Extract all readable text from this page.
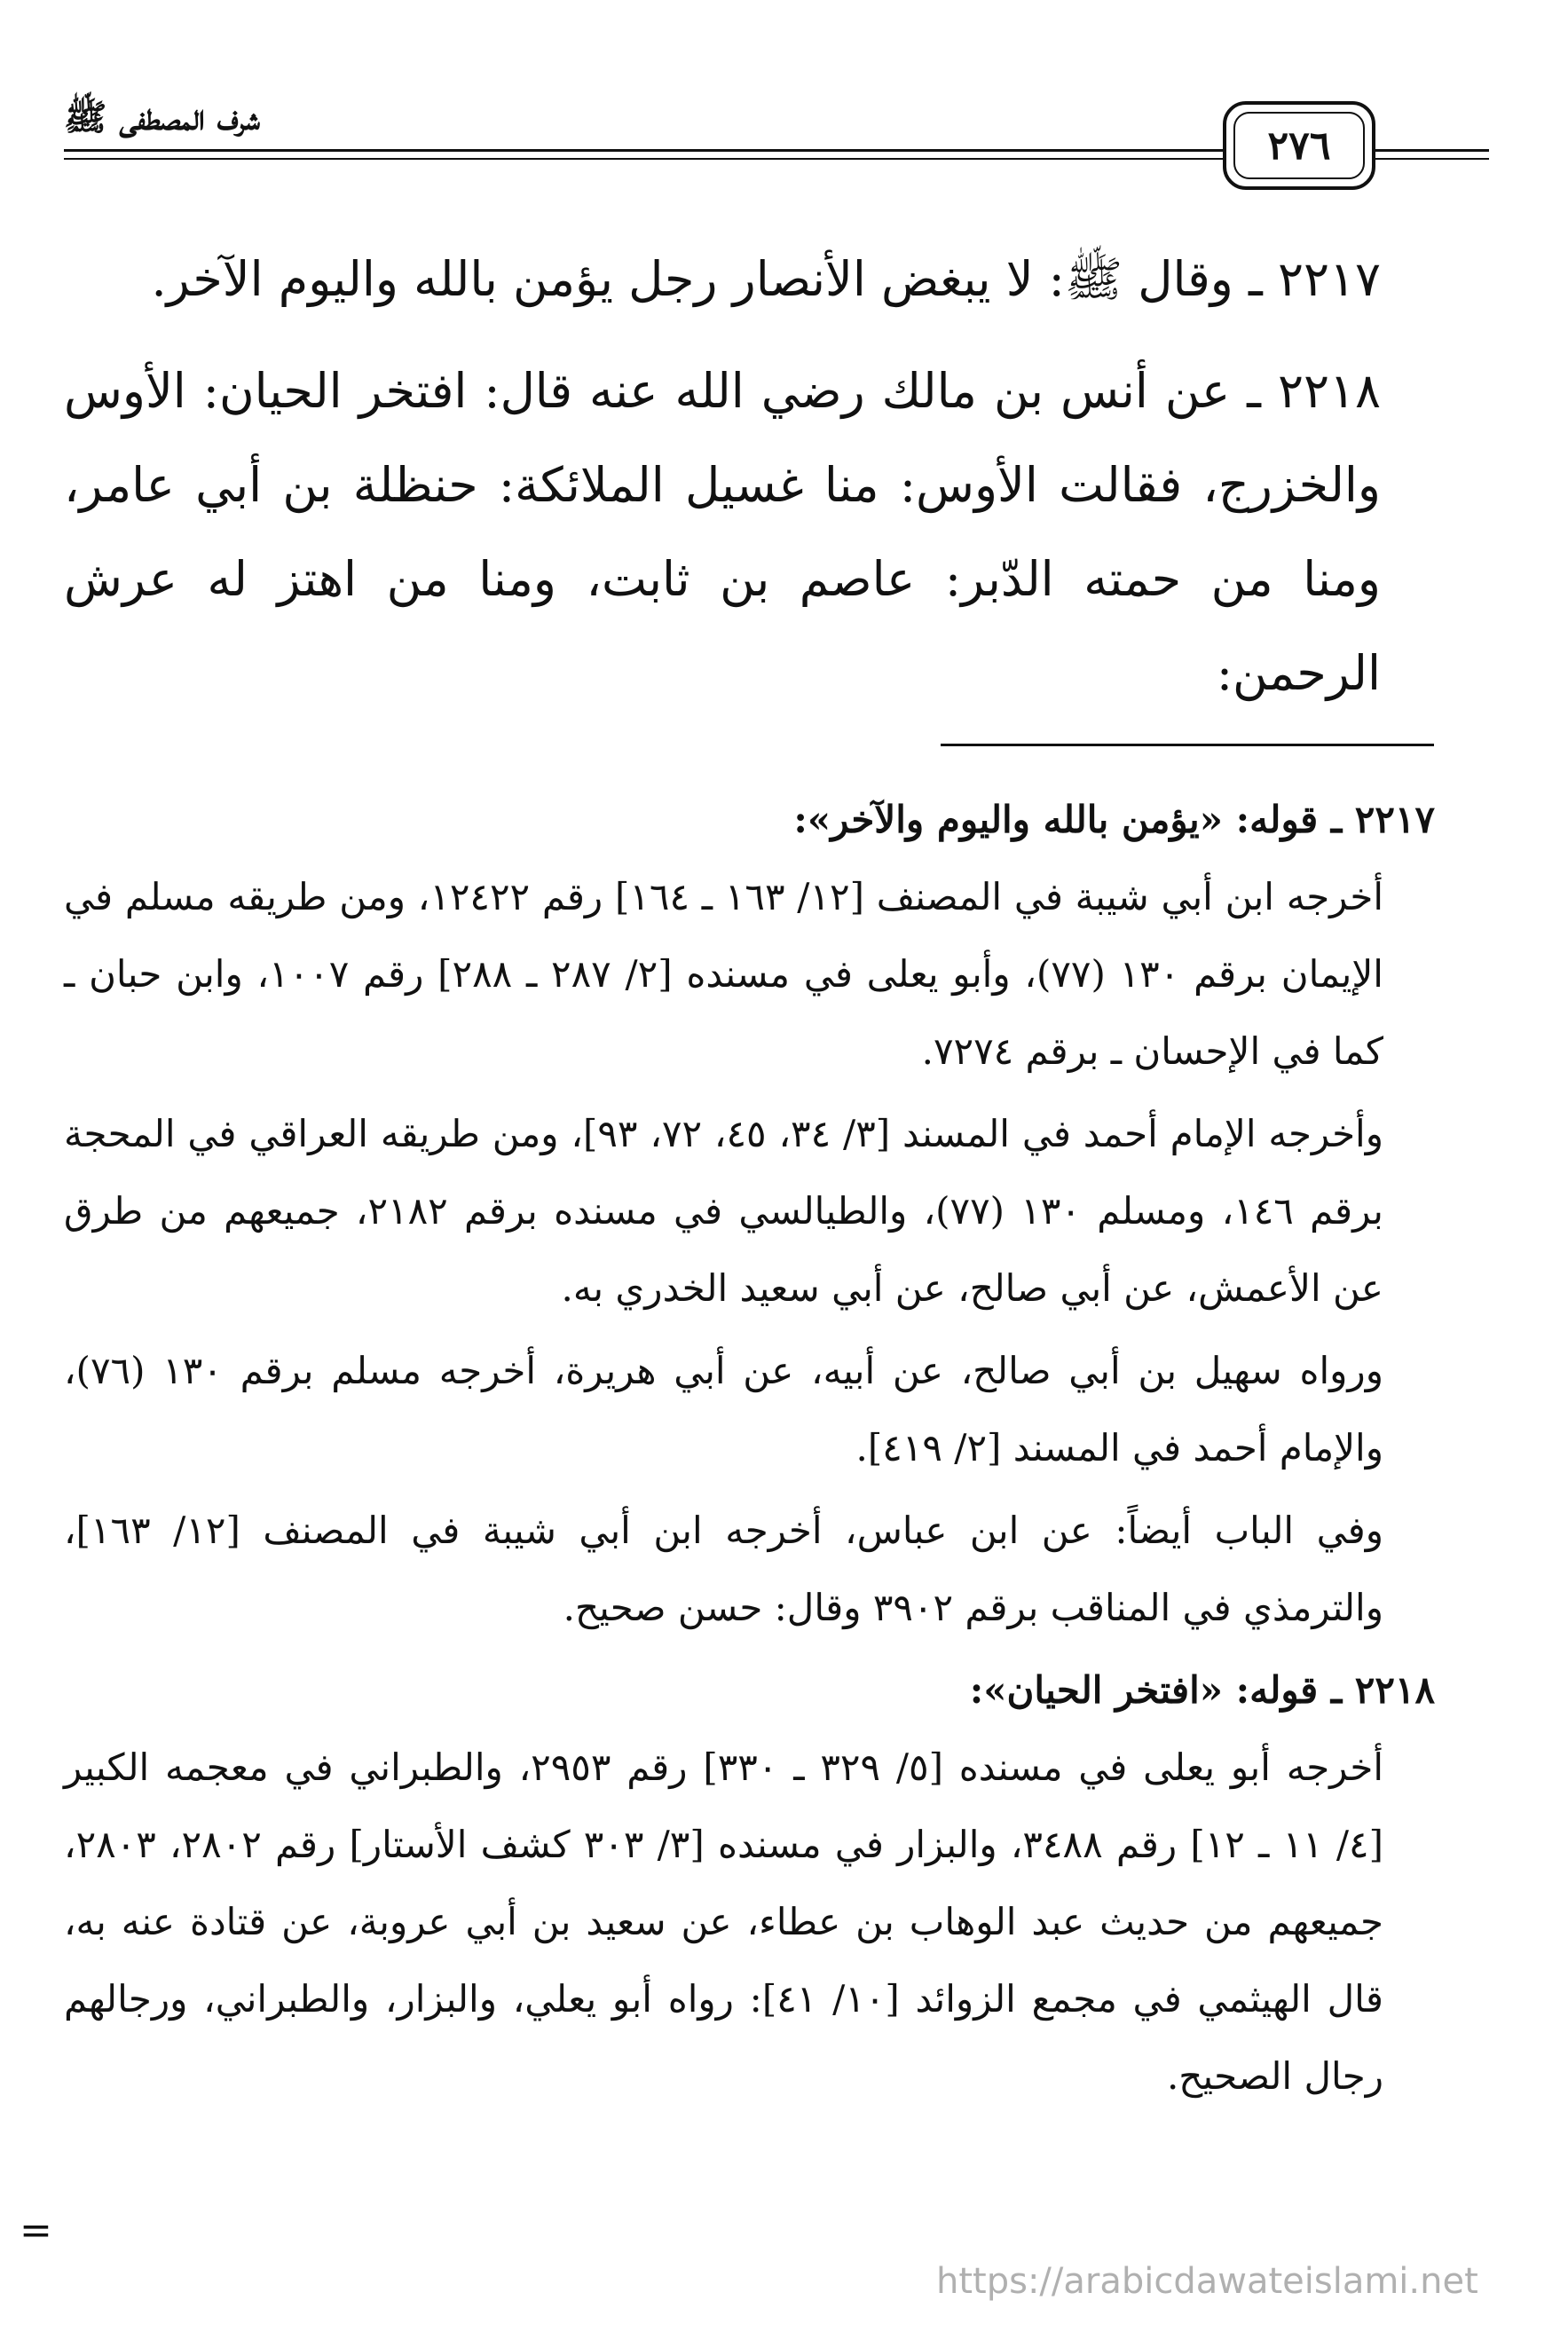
شرف المصطفى ﷺ
٢٧٦

٢٢١٧ ـ وقال ﷺ: لا يبغض الأنصار رجل يؤمن بالله واليوم الآخر.

٢٢١٨ ـ عن أنس بن مالك رضي الله عنه قال: افتخر الحيان: الأوس والخزرج، فقالت الأوس: منا غسيل الملائكة: حنظلة بن أبي عامر، ومنا من حمته الدّبر: عاصم بن ثابت، ومنا من اهتز له عرش الرحمن:

٢٢١٧ ـ قوله: «يؤمن بالله واليوم والآخر»:

أخرجه ابن أبي شيبة في المصنف [١٢/ ١٦٣ ـ ١٦٤] رقم ١٢٤٢٢، ومن طريقه مسلم في الإيمان برقم ١٣٠ (٧٧)، وأبو يعلى في مسنده [٢/ ٢٨٧ ـ ٢٨٨] رقم ١٠٠٧، وابن حبان ـ كما في الإحسان ـ برقم ٧٢٧٤.

وأخرجه الإمام أحمد في المسند [٣/ ٣٤، ٤٥، ٧٢، ٩٣]، ومن طريقه العراقي في المحجة برقم ١٤٦، ومسلم ١٣٠ (٧٧)، والطيالسي في مسنده برقم ٢١٨٢، جميعهم من طرق عن الأعمش، عن أبي صالح، عن أبي سعيد الخدري به.

ورواه سهيل بن أبي صالح، عن أبيه، عن أبي هريرة، أخرجه مسلم برقم ١٣٠ (٧٦)، والإمام أحمد في المسند [٢/ ٤١٩].

وفي الباب أيضاً: عن ابن عباس، أخرجه ابن أبي شيبة في المصنف [١٢/ ١٦٣]، والترمذي في المناقب برقم ٣٩٠٢ وقال: حسن صحيح.

٢٢١٨ ـ قوله: «افتخر الحيان»:

أخرجه أبو يعلى في مسنده [٥/ ٣٢٩ ـ ٣٣٠] رقم ٢٩٥٣، والطبراني في معجمه الكبير [٤/ ١١ ـ ١٢] رقم ٣٤٨٨، والبزار في مسنده [٣/ ٣٠٣ كشف الأستار] رقم ٢٨٠٢، ٢٨٠٣، جميعهم من حديث عبد الوهاب بن عطاء، عن سعيد بن أبي عروبة، عن قتادة عنه به، قال الهيثمي في مجمع الزوائد [١٠/ ٤١]: رواه أبو يعلي، والبزار، والطبراني، ورجالهم رجال الصحيح.

=
https://arabicdawateislami.net
